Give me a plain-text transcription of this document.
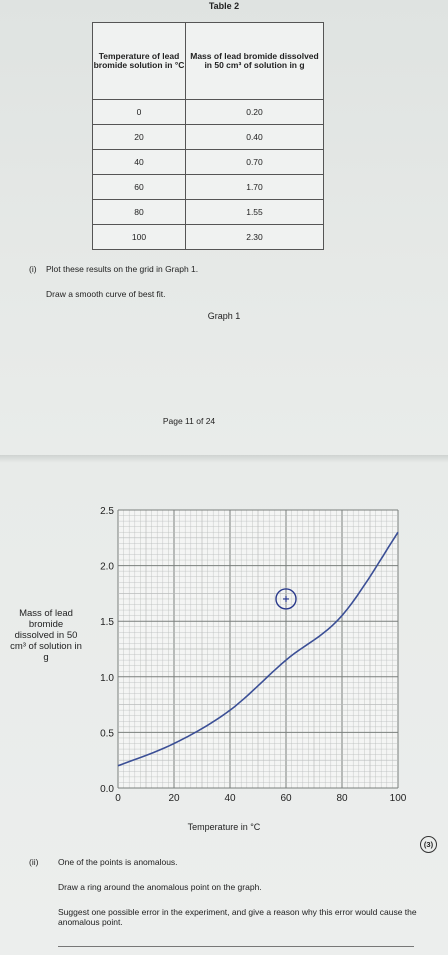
Table 2
Temperature of lead bromide solution in °C	Mass of lead bromide dissolved in 50 cm³ of solution in g
0	0.20
20	0.40
40	0.70
60	1.70
80	1.55
100	2.30
(i) Plot these results on the grid in Graph 1.
Draw a smooth curve of best fit.
Graph 1
Page 11 of 24
0	20	40	60	80	100
0.0
0.5
1.0
1.5
2.0
2.5
Mass of lead bromide dissolved in 50 cm³ of solution in g
Temperature in °C
(3)
(ii) One of the points is anomalous.
Draw a ring around the anomalous point on the graph.
Suggest one possible error in the experiment, and give a reason why this error would cause the anomalous point.
